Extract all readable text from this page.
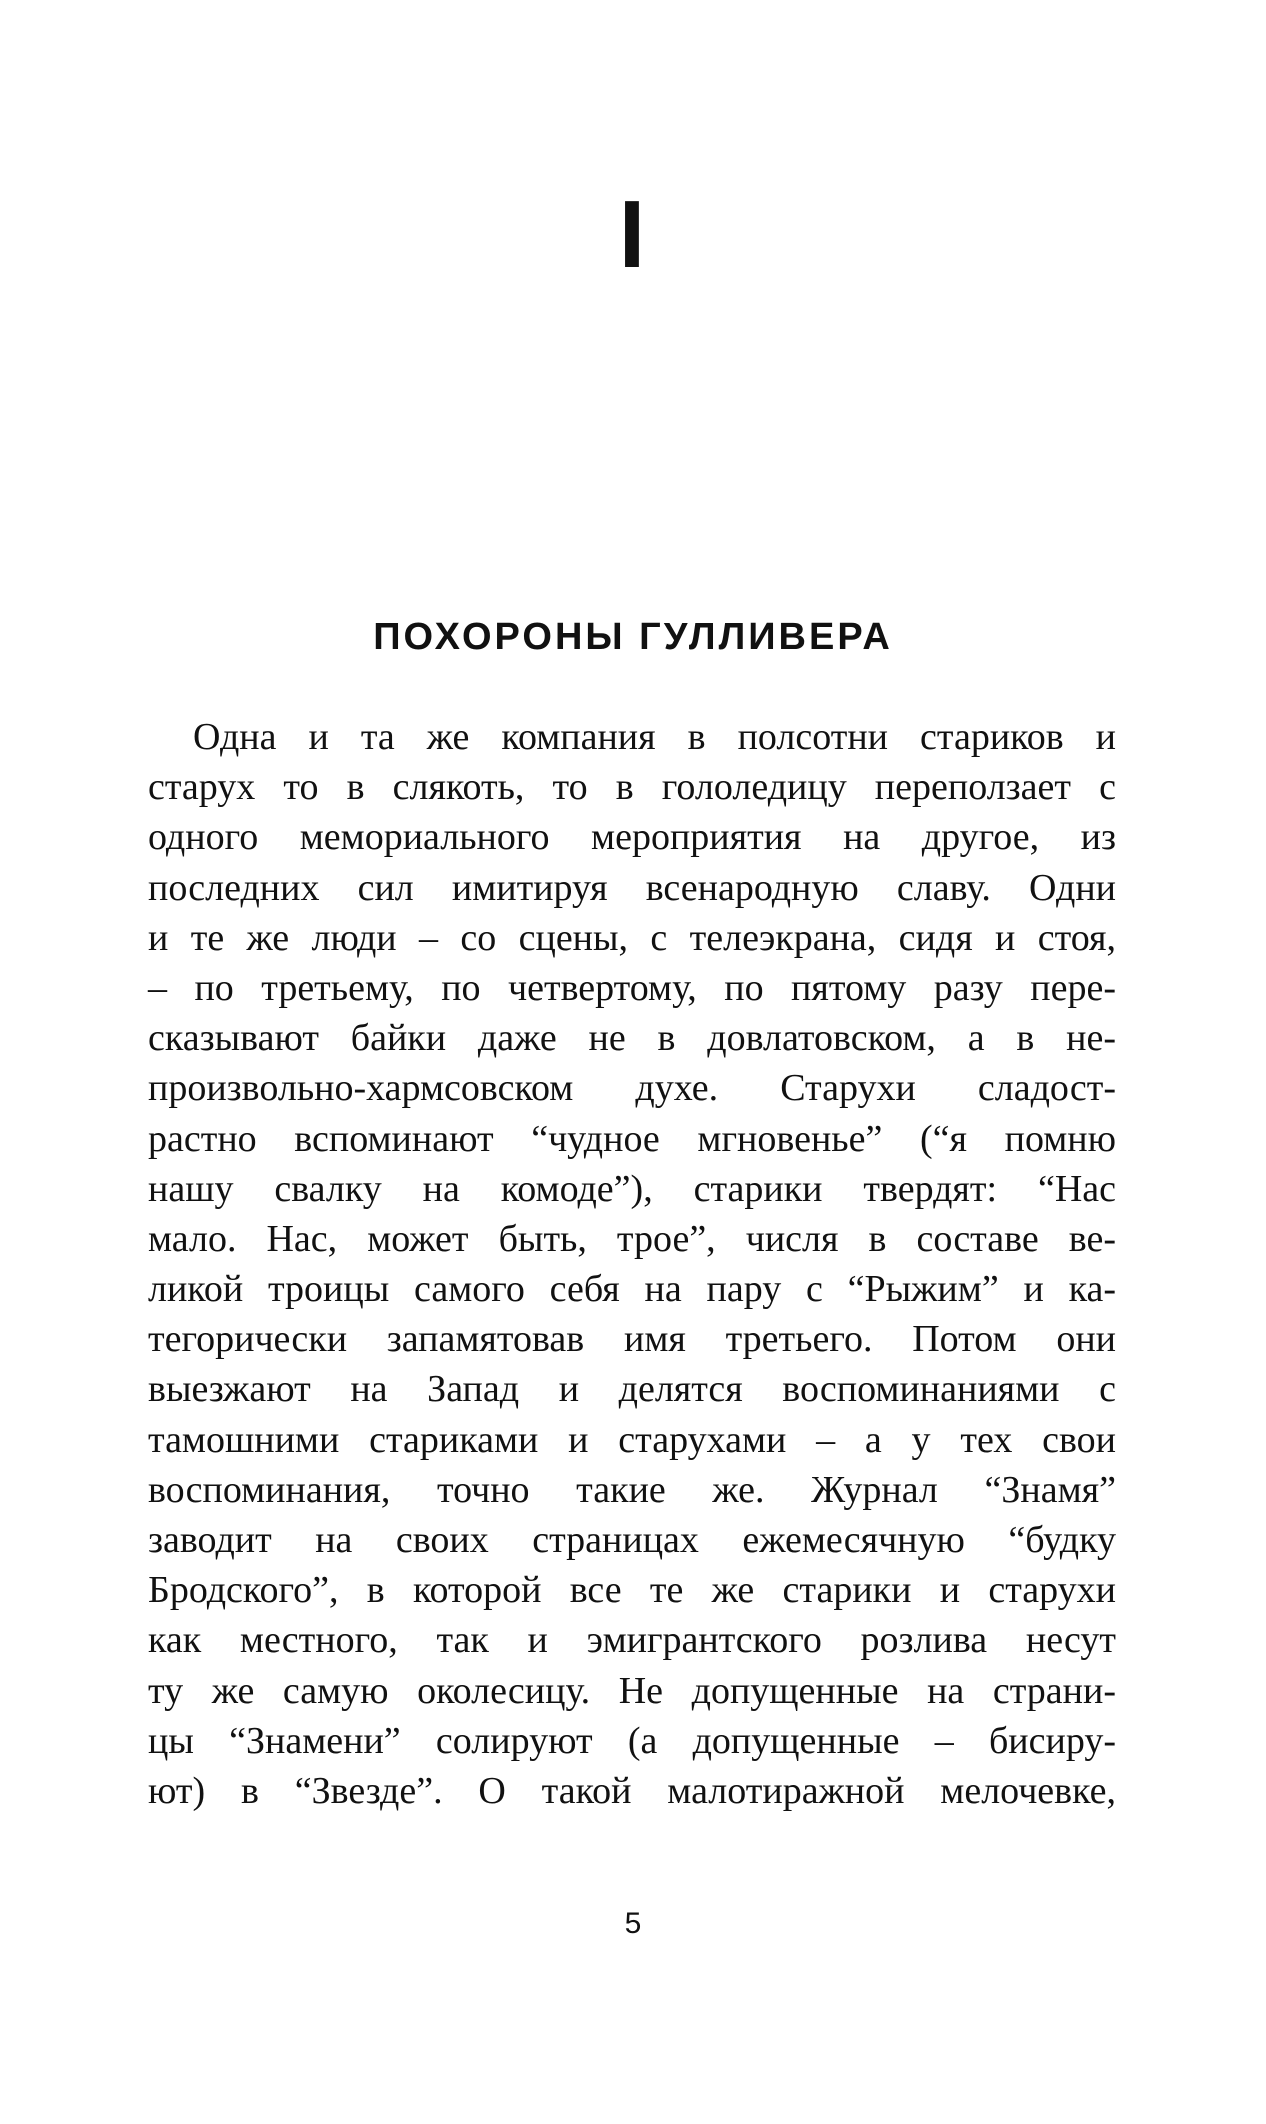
I
ПОХОРОНЫ ГУЛЛИВЕРА
Одна и та же компания в полсотни стариков и
старух то в слякоть, то в гололедицу переползает с
одного мемориального мероприятия на другое, из
последних сил имитируя всенародную славу. Одни
и те же люди – со сцены, с телеэкрана, сидя и стоя,
– по третьему, по четвертому, по пятому разу пере-
сказывают байки даже не в довлатовском, а в не-
произвольно-хармсовском духе. Старухи сладост-
растно вспоминают “чудное мгновенье” (“я помню
нашу свалку на комоде”), старики твердят: “Нас
мало. Нас, может быть, трое”, числя в составе ве-
ликой троицы самого себя на пару с “Рыжим” и ка-
тегорически запамятовав имя третьего. Потом они
выезжают на Запад и делятся воспоминаниями с
тамошними стариками и старухами – а у тех свои
воспоминания, точно такие же. Журнал “Знамя”
заводит на своих страницах ежемесячную “будку
Бродского”, в которой все те же старики и старухи
как местного, так и эмигрантского розлива несут
ту же самую околесицу. Не допущенные на страни-
цы “Знамени” солируют (а допущенные – бисиру-
ют) в “Звезде”. О такой малотиражной мелочевке,
5
